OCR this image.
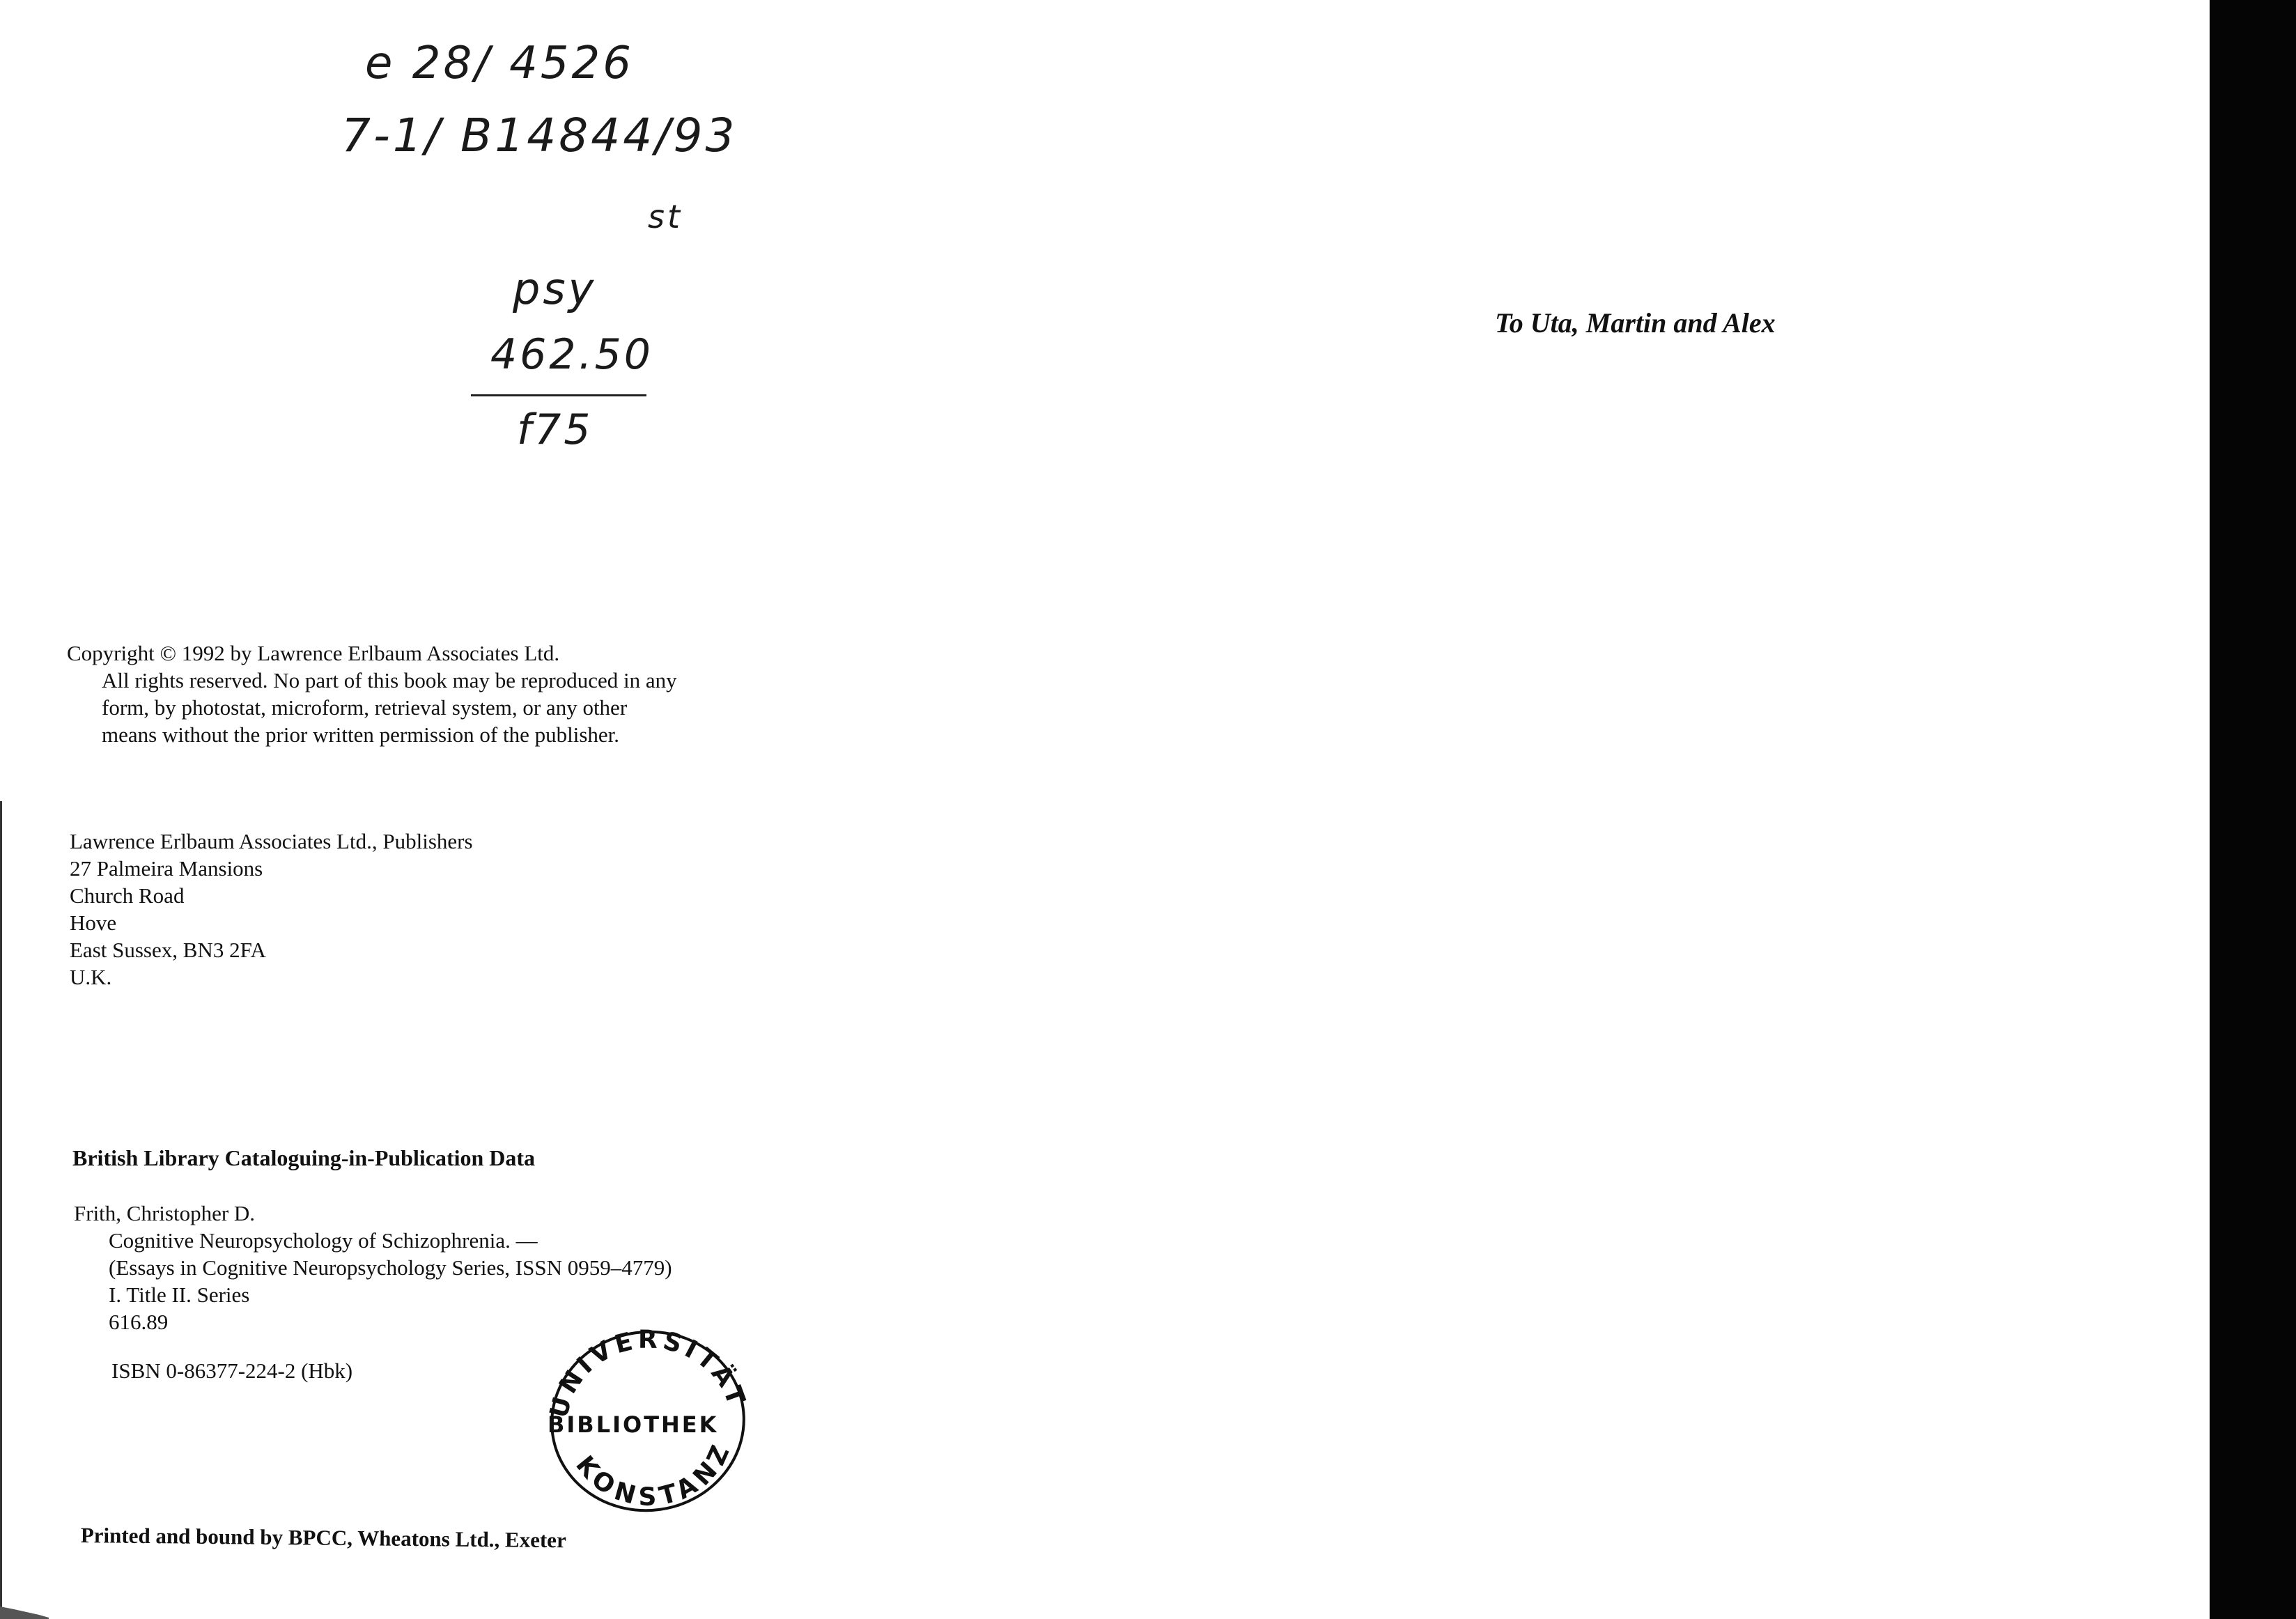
e 28/ 4526
7-1/ B14844/93
st
psy
462.50
f75
To Uta, Martin and Alex
Copyright © 1992 by Lawrence Erlbaum Associates Ltd.
All rights reserved. No part of this book may be reproduced in any
form, by photostat, microform, retrieval system, or any other
means without the prior written permission of the publisher.
Lawrence Erlbaum Associates Ltd., Publishers
27 Palmeira Mansions
Church Road
Hove
East Sussex, BN3 2FA
U.K.
British Library Cataloguing-in-Publication Data
Frith, Christopher D.
Cognitive Neuropsychology of Schizophrenia. —
(Essays in Cognitive Neuropsychology Series, ISSN 0959–4779)
I. Title II. Series
616.89
ISBN 0-86377-224-2 (Hbk)
UNIVERSITÄT
BIBLIOTHEK
KONSTANZ
Printed and bound by BPCC, Wheatons Ltd., Exeter
